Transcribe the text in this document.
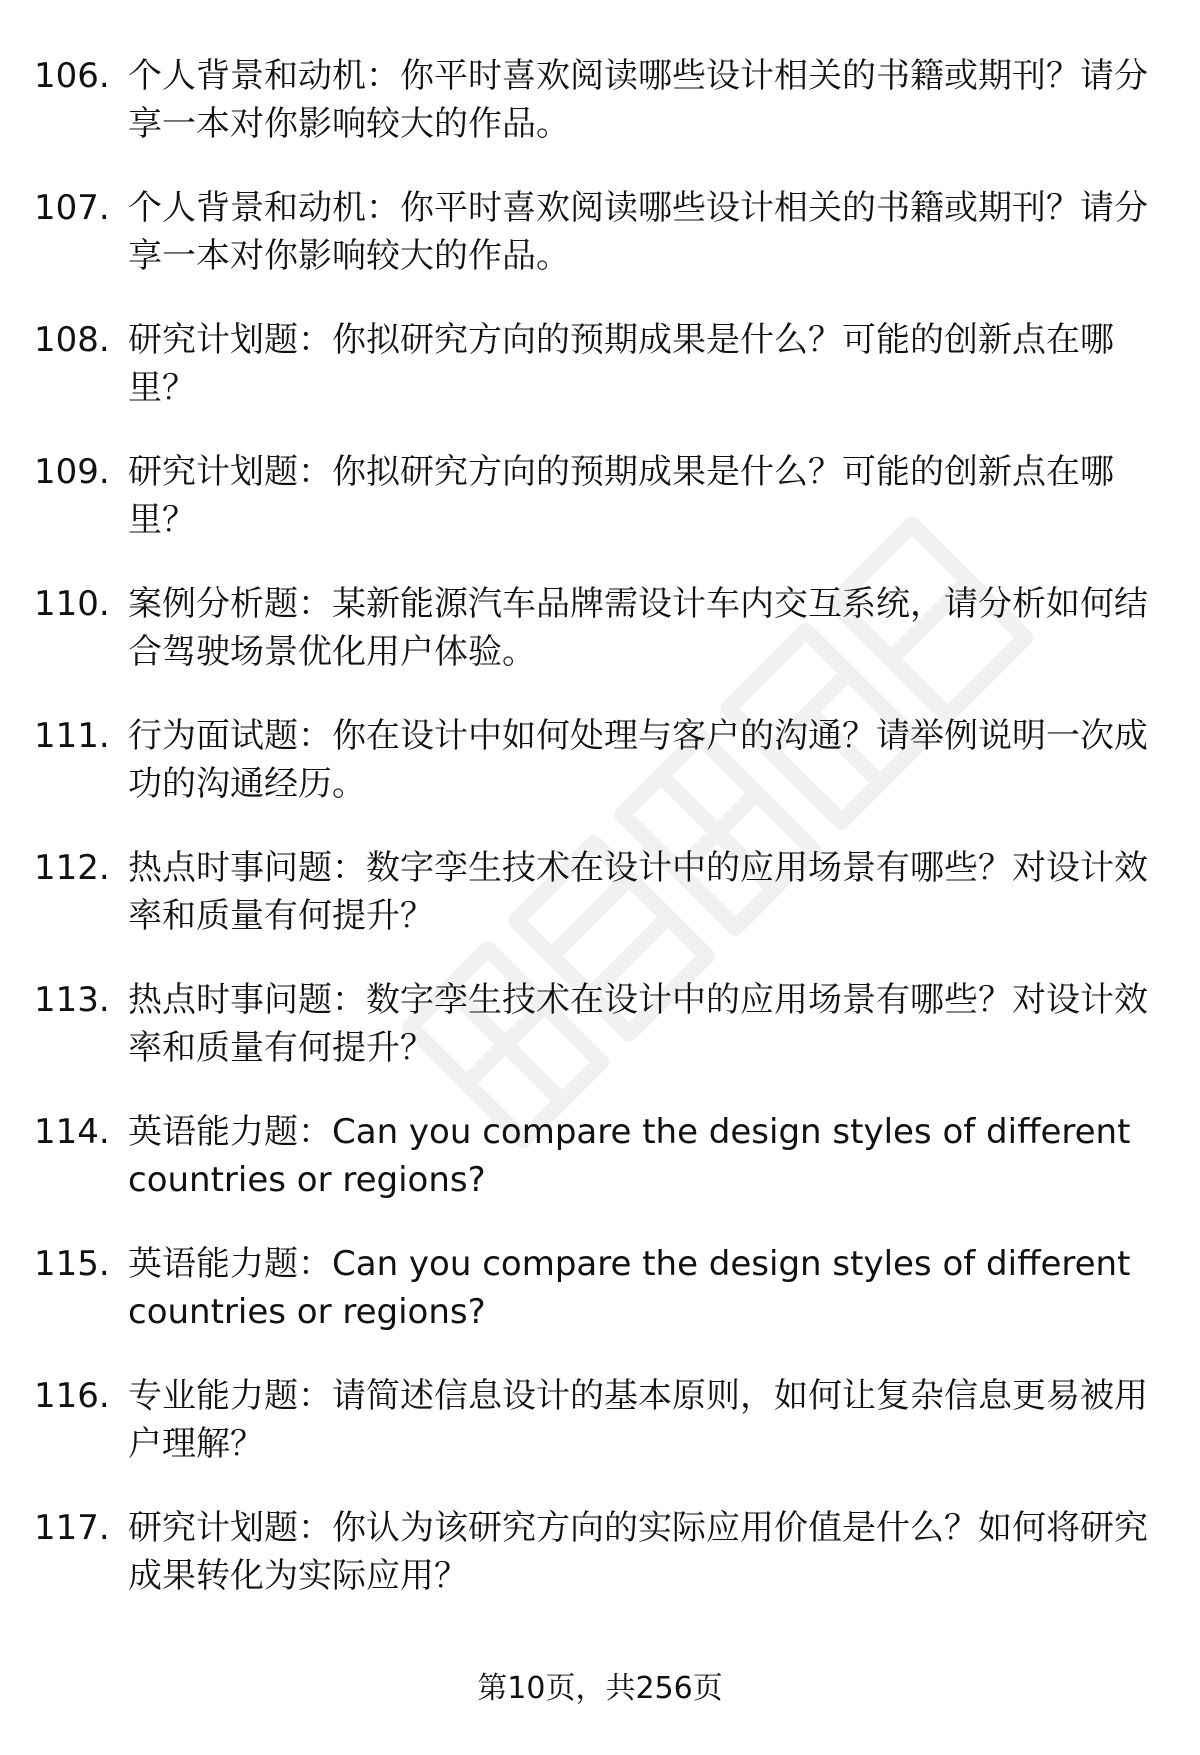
106. 个人背景和动机：你平时喜欢阅读哪些设计相关的书籍或期刊？请分享一本对你影响较大的作品。
107. 个人背景和动机：你平时喜欢阅读哪些设计相关的书籍或期刊？请分享一本对你影响较大的作品。
108. 研究计划题：你拟研究方向的预期成果是什么？可能的创新点在哪里？
109. 研究计划题：你拟研究方向的预期成果是什么？可能的创新点在哪里？
110. 案例分析题：某新能源汽车品牌需设计车内交互系统，请分析如何结合驾驶场景优化用户体验。
111. 行为面试题：你在设计中如何处理与客户的沟通？请举例说明一次成功的沟通经历。
112. 热点时事问题：数字孪生技术在设计中的应用场景有哪些？对设计效率和质量有何提升？
113. 热点时事问题：数字孪生技术在设计中的应用场景有哪些？对设计效率和质量有何提升？
114. 英语能力题：Can you compare the design styles of different countries or regions?
115. 英语能力题：Can you compare the design styles of different countries or regions?
116. 专业能力题：请简述信息设计的基本原则，如何让复杂信息更易被用户理解？
117. 研究计划题：你认为该研究方向的实际应用价值是什么？如何将研究成果转化为实际应用？
第10页，共256页
